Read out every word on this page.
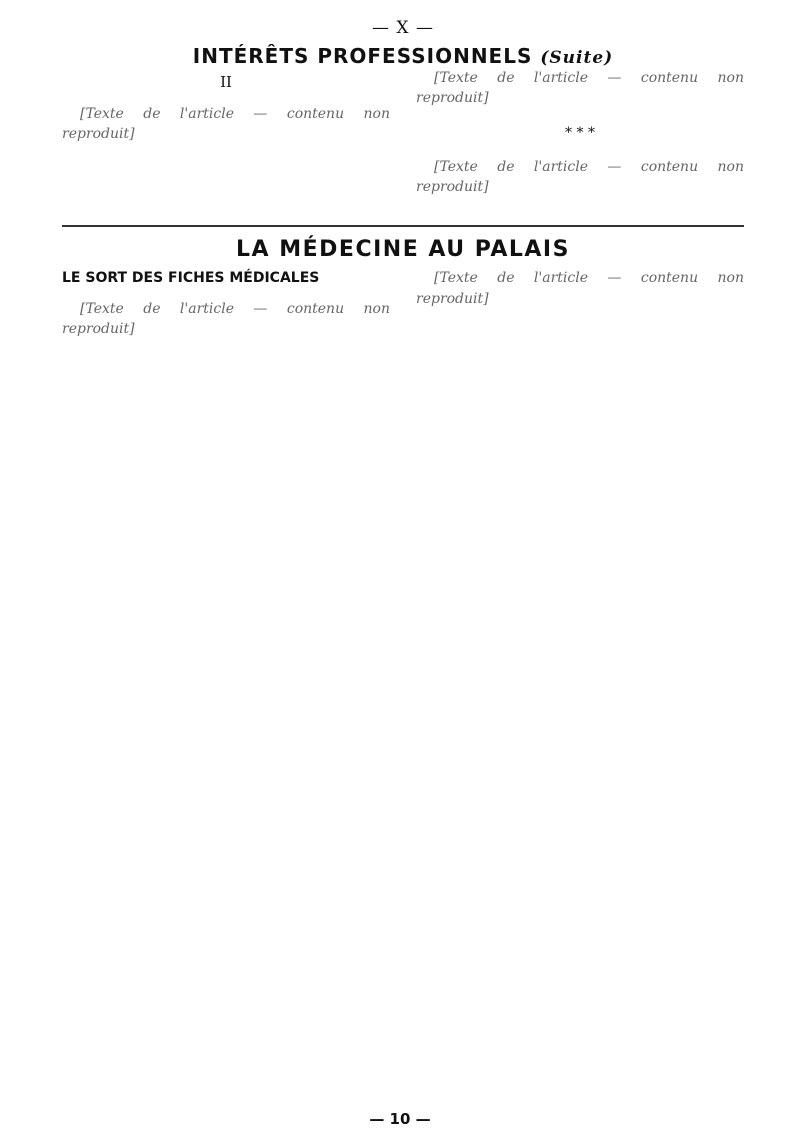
— X —
INTÉRÊTS PROFESSIONNELS (Suite)
II

[Texte de l'article — contenu non reproduit]

[Texte de l'article — contenu non reproduit]

* * *

[Texte de l'article — contenu non reproduit]

LA MÉDECINE AU PALAIS
LE SORT DES FICHES MÉDICALES

[Texte de l'article — contenu non reproduit]

[Texte de l'article — contenu non reproduit]

— 10 —
